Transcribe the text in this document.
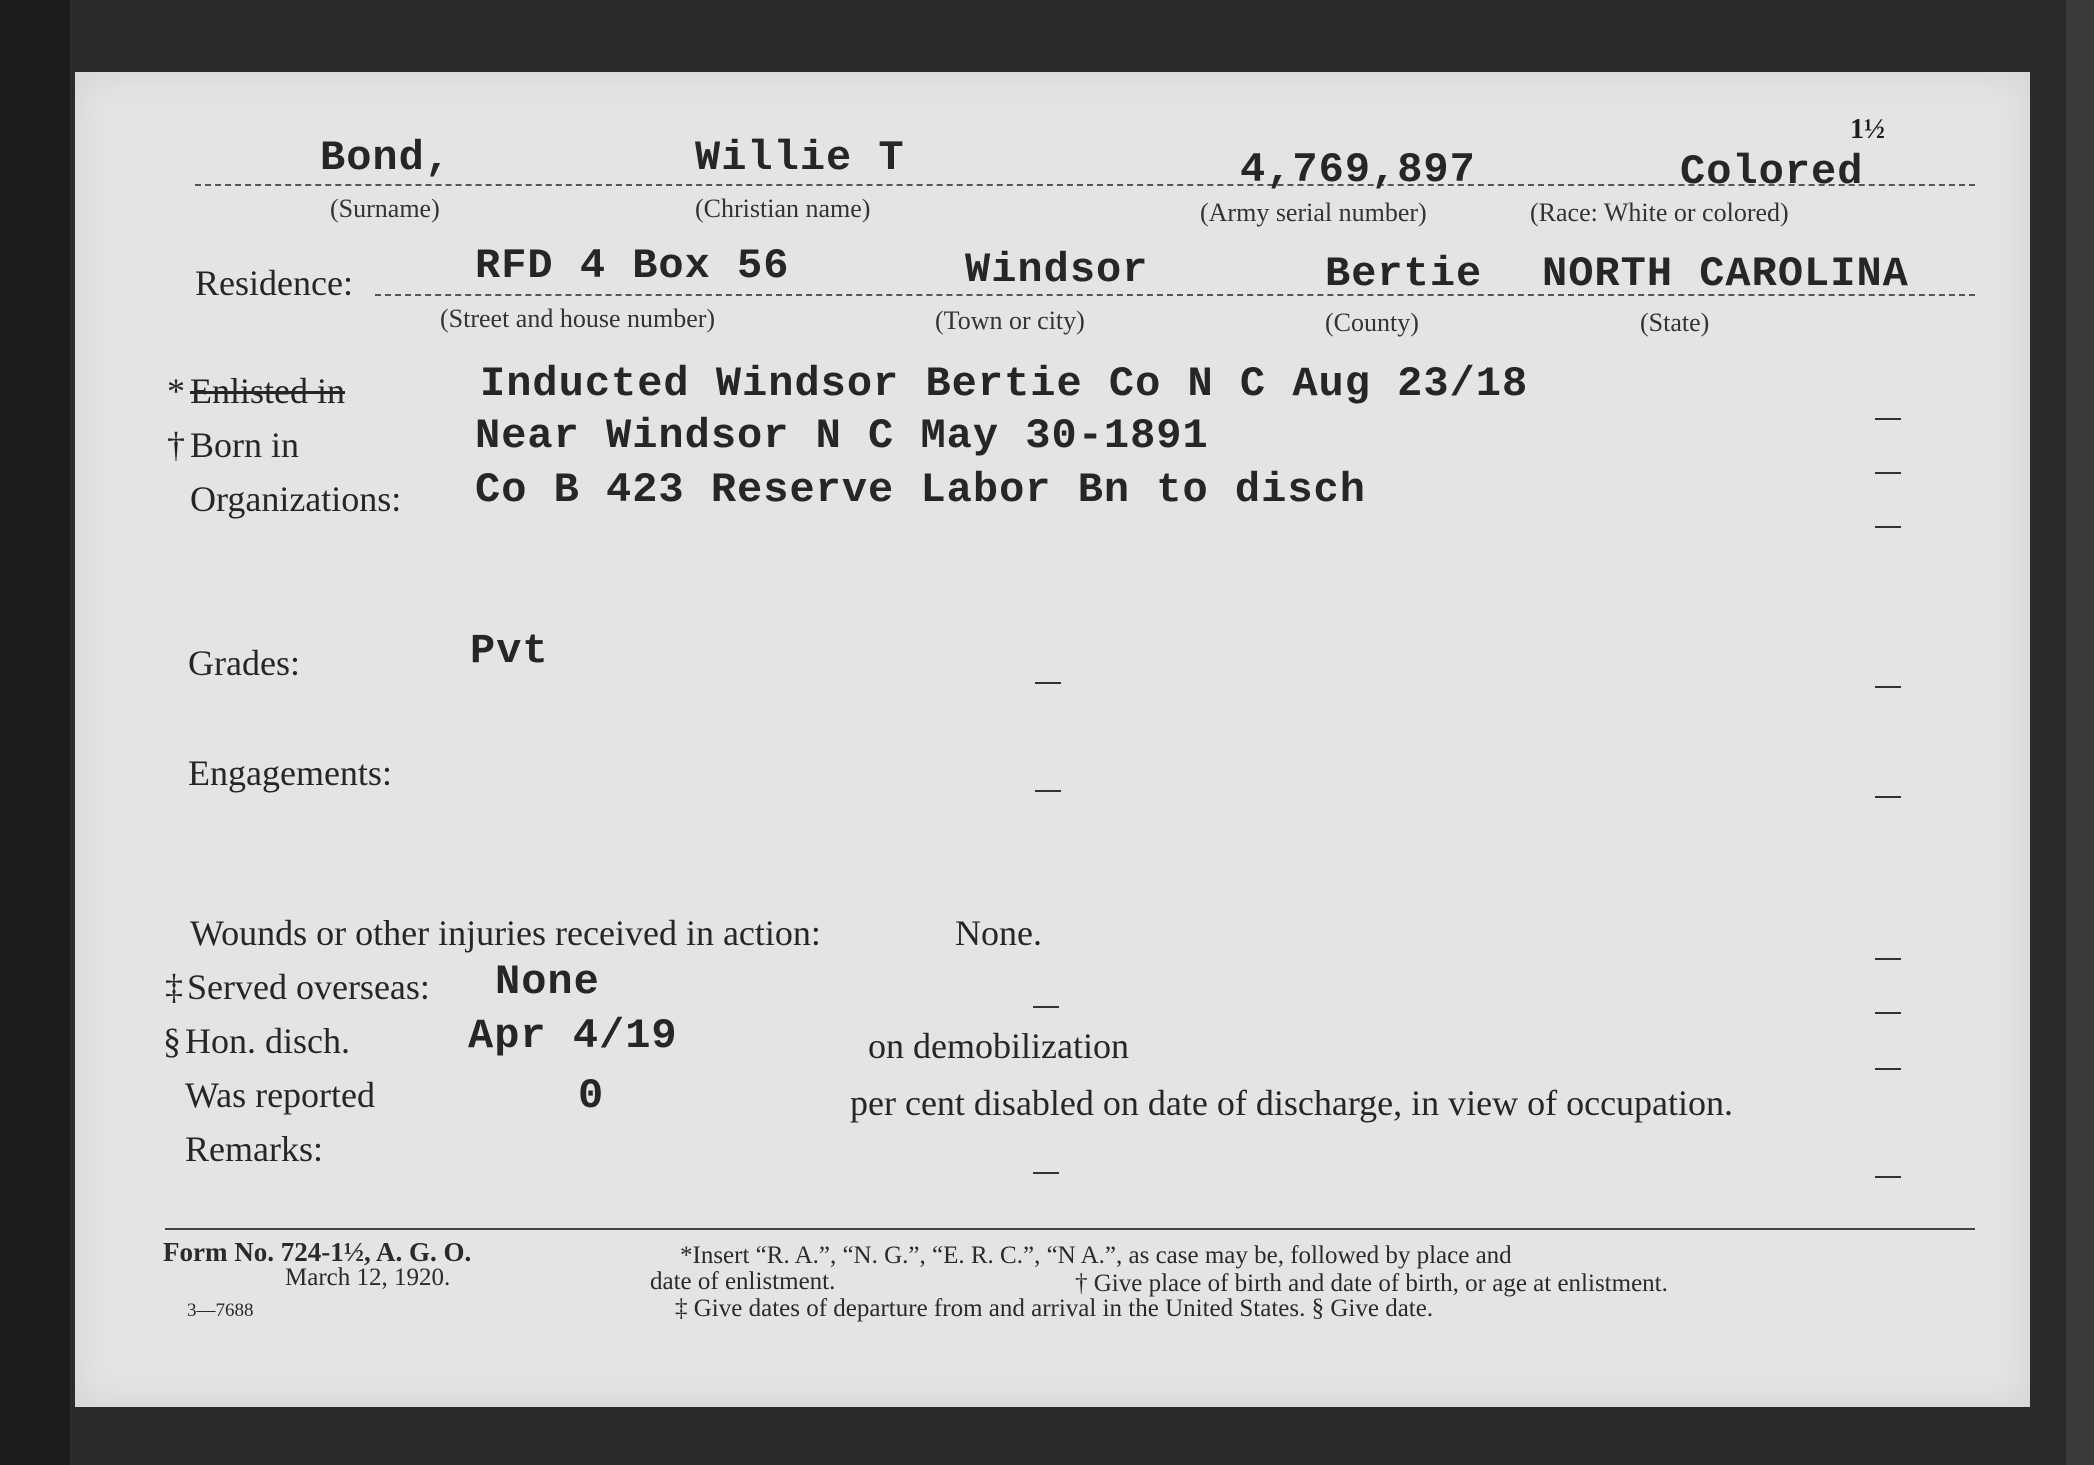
1½
Bond,	Willie T	4,769,897	Colored
(Surname)	(Christian name)	(Army serial number)	(Race: White or colored)
Residence:	RFD 4 Box 56	Windsor	Bertie NORTH CAROLINA
(Street and house number)	(Town or city)	(County)	(State)
* Enlisted in	Inducted Windsor Bertie Co N C Aug 23/18
† Born in	Near Windsor N C May 30-1891
Organizations: Co B 423 Reserve Labor Bn to disch
Grades:	Pvt
Engagements:
Wounds or other injuries received in action:	None.
‡ Served overseas: None
§ Hon. disch.	Apr 4/19	on demobilization
Was reported	0	per cent disabled on date of discharge, in view of occupation.
Remarks:
Form No. 724-1½, A. G. O.
March 12, 1920.
3—7688
*Insert “R. A.”, “N. G.”, “E. R. C.”, “N A.”, as case may be, followed by place and
date of enlistment.	† Give place of birth and date of birth, or age at enlistment.
‡ Give dates of departure from and arrival in the United States. § Give date.
